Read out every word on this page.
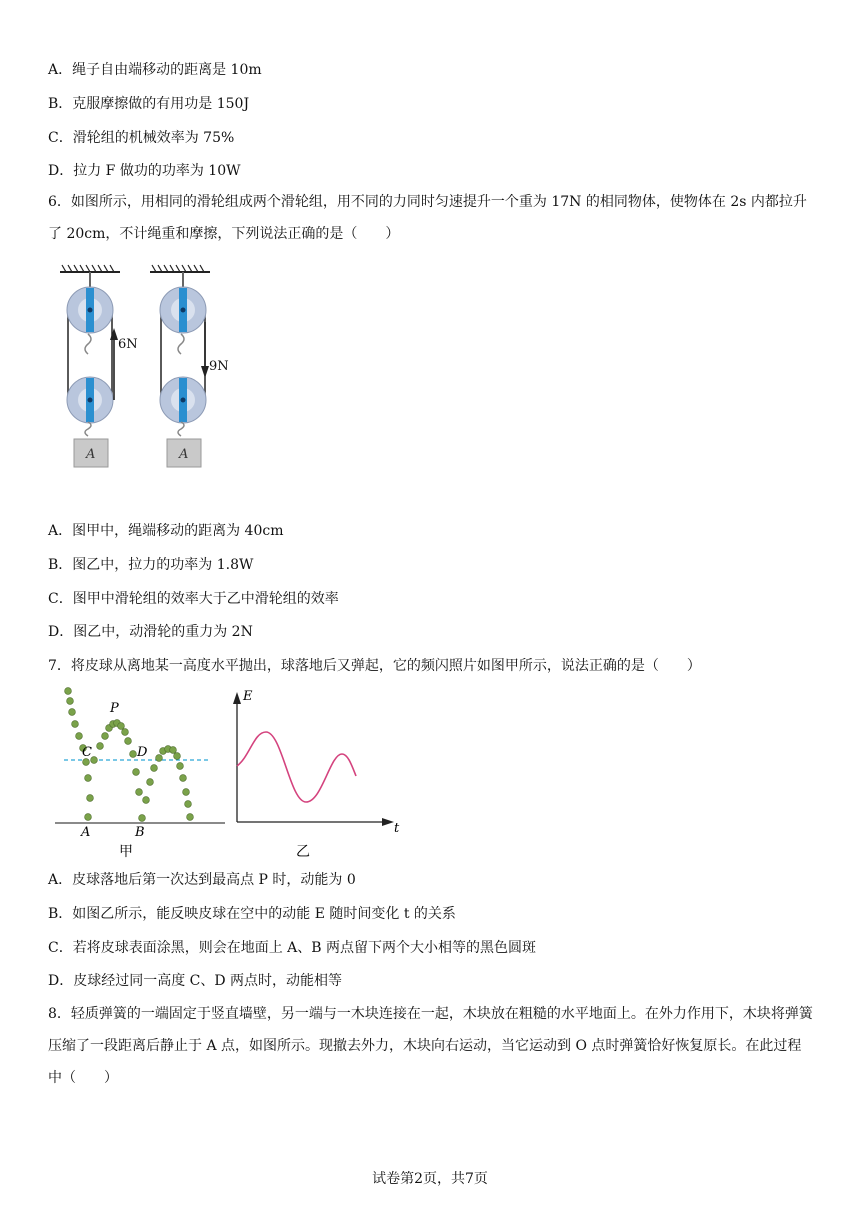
A．绳子自由端移动的距离是 10m
B．克服摩擦做的有用功是 150J
C．滑轮组的机械效率为 75%
D．拉力 F 做功的功率为 10W
6．如图所示，用相同的滑轮组成两个滑轮组，用不同的力同时匀速提升一个重为 17N 的相同物体，使物体在 2s 内都拉升了 20cm，不计绳重和摩擦，下列说法正确的是（　　）
6N
A
9N
A
A．图甲中，绳端移动的距离为 40cm
B．图乙中，拉力的功率为 1.8W
C．图甲中滑轮组的效率大于乙中滑轮组的效率
D．图乙中，动滑轮的重力为 2N
7．将皮球从离地某一高度水平抛出，球落地后又弹起，它的频闪照片如图甲所示，说法正确的是（　　）
P
C	D
A	B
甲
E
t
乙
A．皮球落地后第一次达到最高点 P 时，动能为 0
B．如图乙所示，能反映皮球在空中的动能 E 随时间变化 t 的关系
C．若将皮球表面涂黑，则会在地面上 A、B 两点留下两个大小相等的黑色圆斑
D．皮球经过同一高度 C、D 两点时，动能相等
8．轻质弹簧的一端固定于竖直墙壁，另一端与一木块连接在一起，木块放在粗糙的水平地面上。在外力作用下，木块将弹簧压缩了一段距离后静止于 A 点，如图所示。现撤去外力，木块向右运动，当它运动到 O 点时弹簧恰好恢复原长。在此过程中（　　）
试卷第2页，共7页
